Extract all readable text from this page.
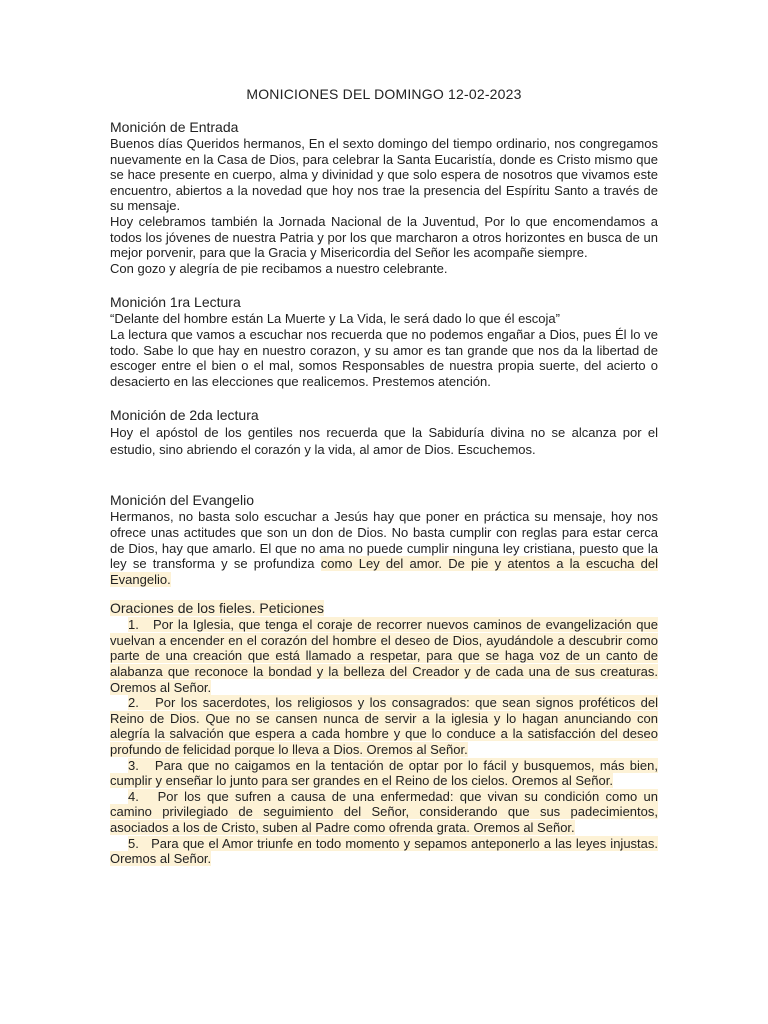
MONICIONES DEL DOMINGO 12-02-2023
Monición de Entrada

Buenos días Queridos hermanos, En el sexto domingo del tiempo ordinario, nos congregamos nuevamente en la Casa de Dios, para celebrar la Santa Eucaristía, donde es Cristo mismo que se hace presente en cuerpo, alma y divinidad y que solo espera de nosotros que vivamos este encuentro, abiertos a la novedad que hoy nos trae la presencia del Espíritu Santo a través de su mensaje.

Hoy celebramos también la Jornada Nacional de la Juventud, Por lo que encomendamos a todos los jóvenes de nuestra Patria y por los que marcharon a otros horizontes en busca de un mejor porvenir, para que la Gracia y Misericordia del Señor les acompañe siempre.

Con gozo y alegría de pie recibamos a nuestro celebrante.

Monición 1ra Lectura

“Delante del hombre están La Muerte y La Vida, le será dado lo que él escoja”

La lectura que vamos a escuchar nos recuerda que no podemos engañar a Dios, pues Él lo ve todo. Sabe lo que hay en nuestro corazon, y su amor es tan grande que nos da la libertad de escoger entre el bien o el mal, somos Responsables de nuestra propia suerte, del acierto o desacierto en las elecciones que realicemos. Prestemos atención.

Monición de 2da lectura

Hoy el apóstol de los gentiles nos recuerda que la Sabiduría divina no se alcanza por el estudio, sino abriendo el corazón y la vida, al amor de Dios. Escuchemos.

Monición del Evangelio

Hermanos, no basta solo escuchar a Jesús hay que poner en práctica su mensaje, hoy nos ofrece unas actitudes que son un don de Dios. No basta cumplir con reglas para estar cerca de Dios, hay que amarlo. El que no ama no puede cumplir ninguna ley cristiana, puesto que la ley se transforma y se profundiza como Ley del amor. De pie y atentos a la escucha del Evangelio.

Oraciones de los fieles. Peticiones

1. Por la Iglesia, que tenga el coraje de recorrer nuevos caminos de evangelización que vuelvan a encender en el corazón del hombre el deseo de Dios, ayudándole a descubrir como parte de una creación que está llamado a respetar, para que se haga voz de un canto de alabanza que reconoce la bondad y la belleza del Creador y de cada una de sus creaturas. Oremos al Señor.

2. Por los sacerdotes, los religiosos y los consagrados: que sean signos proféticos del Reino de Dios. Que no se cansen nunca de servir a la iglesia y lo hagan anunciando con alegría la salvación que espera a cada hombre y que lo conduce a la satisfacción del deseo profundo de felicidad porque lo lleva a Dios. Oremos al Señor.

3. Para que no caigamos en la tentación de optar por lo fácil y busquemos, más bien, cumplir y enseñar lo junto para ser grandes en el Reino de los cielos. Oremos al Señor.

4. Por los que sufren a causa de una enfermedad: que vivan su condición como un camino privilegiado de seguimiento del Señor, considerando que sus padecimientos, asociados a los de Cristo, suben al Padre como ofrenda grata. Oremos al Señor.

5. Para que el Amor triunfe en todo momento y sepamos anteponerlo a las leyes injustas. Oremos al Señor.
